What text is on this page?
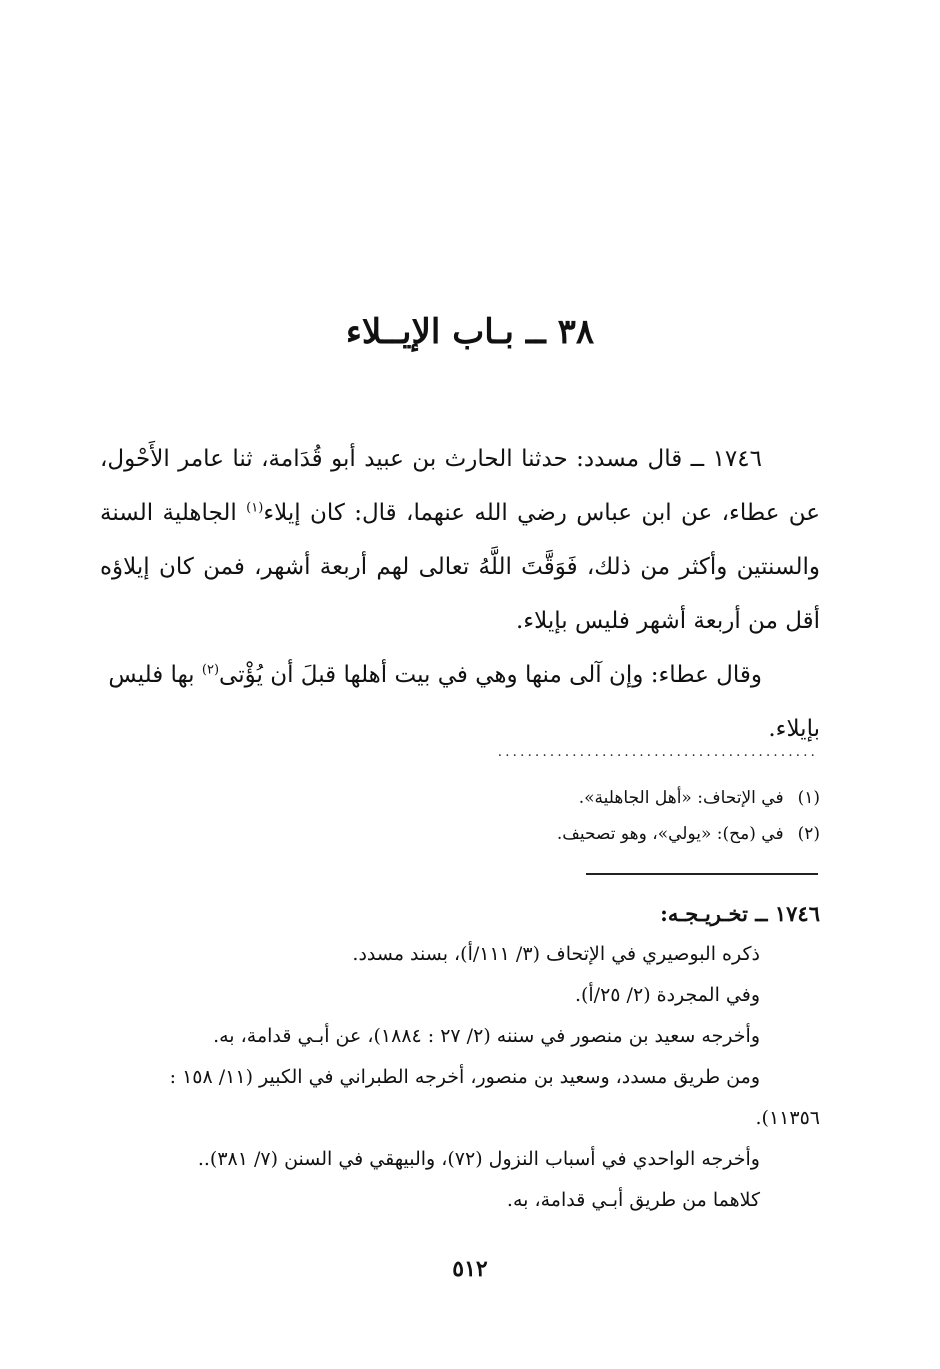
٣٨ ــ بـاب الإيــلاء

١٧٤٦ ــ قال مسدد: حدثنا الحارث بن عبيد أبو قُدَامة، ثنا عامر الأَحْول، عن عطاء، عن ابن عباس رضي الله عنهما، قال: كان إيلاء$^{(١)}$ الجاهلية السنة والسنتين وأكثر من ذلك، فَوَقَّتَ اللَّهُ تعالى لهم أربعة أشهر، فمن كان إيلاؤه أقل من أربعة أشهر فليس بإيلاء.

وقال عطاء: وإن آلى منها وهي في بيت أهلها قبلَ أن يُؤْتى$^{(٢)}$ بها فليس بإيلاء.

...........................................
(١)
في الإتحاف: «أهل الجاهلية».
(٢)
في (مح): «يولي»، وهو تصحيف.
١٧٤٦ ــ تخـريـجـه:
ذكره البوصيري في الإتحاف (٣/ ١١١/أ)، بسند مسدد.
وفي المجردة (٢/ ٢٥/أ).
وأخرجه سعيد بن منصور في سننه (٢/ ٢٧ : ١٨٨٤)، عن أبـي قدامة، به.
ومن طريق مسدد، وسعيد بن منصور، أخرجه الطبراني في الكبير (١١/ ١٥٨ :
١١٣٥٦).
وأخرجه الواحدي في أسباب النزول (٧٢)، والبيهقي في السنن (٧/ ٣٨١)..
كلاهما من طريق أبـي قدامة، به.
٥١٢
